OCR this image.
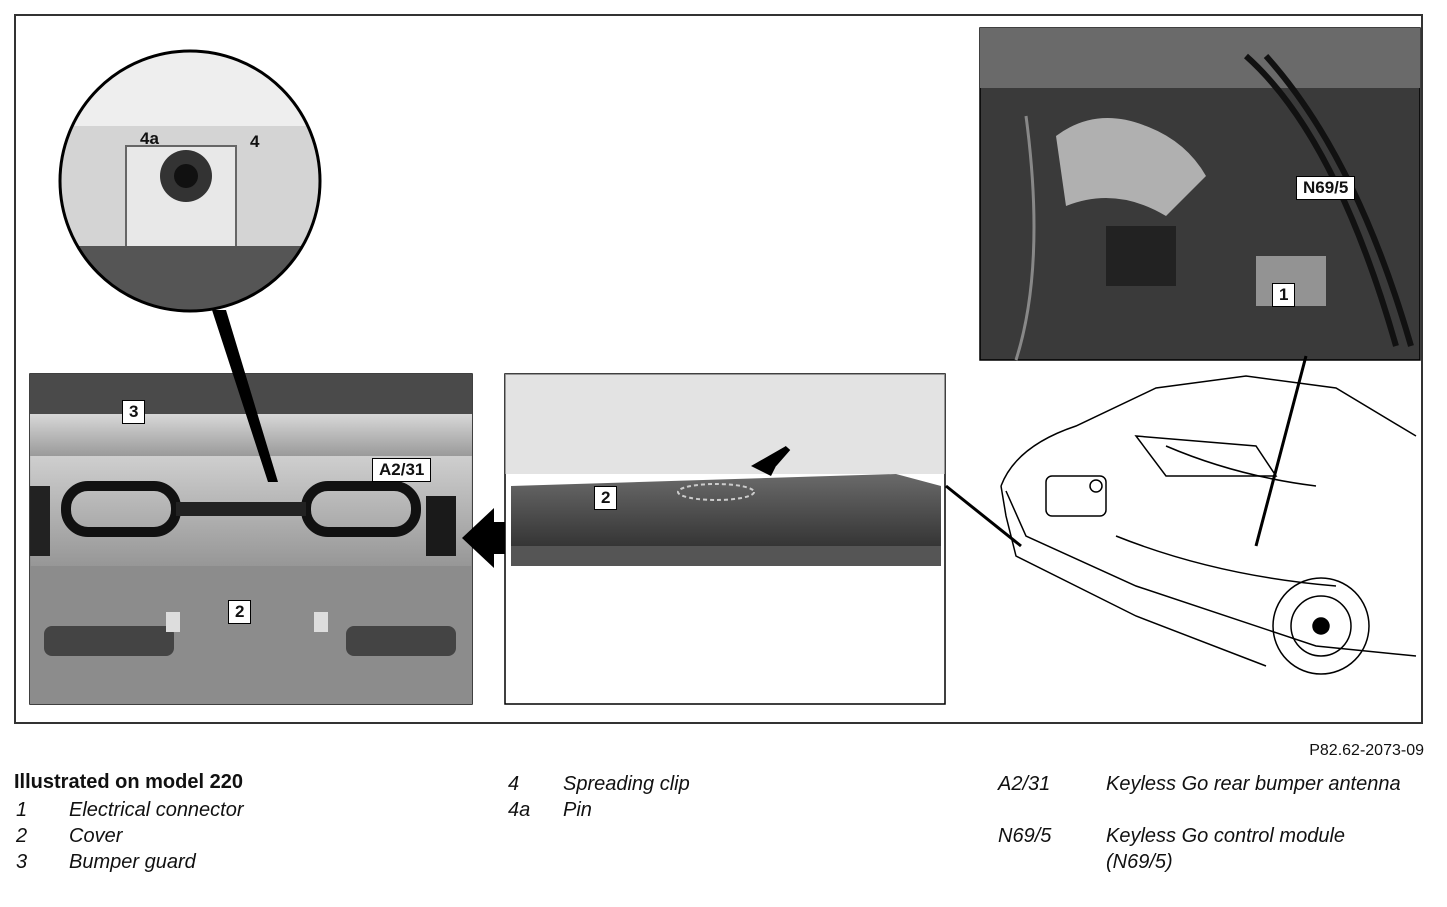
4a	4
3
A2/31
2
2
N69/5
1
P82.62-2073-09
Illustrated on model 220
1 Electrical connector
2 Cover
3 Bumper guard
4 Spreading clip
4a Pin
A2/31	Keyless Go rear bumper antenna
N69/5	Keyless Go control module (N69/5)
